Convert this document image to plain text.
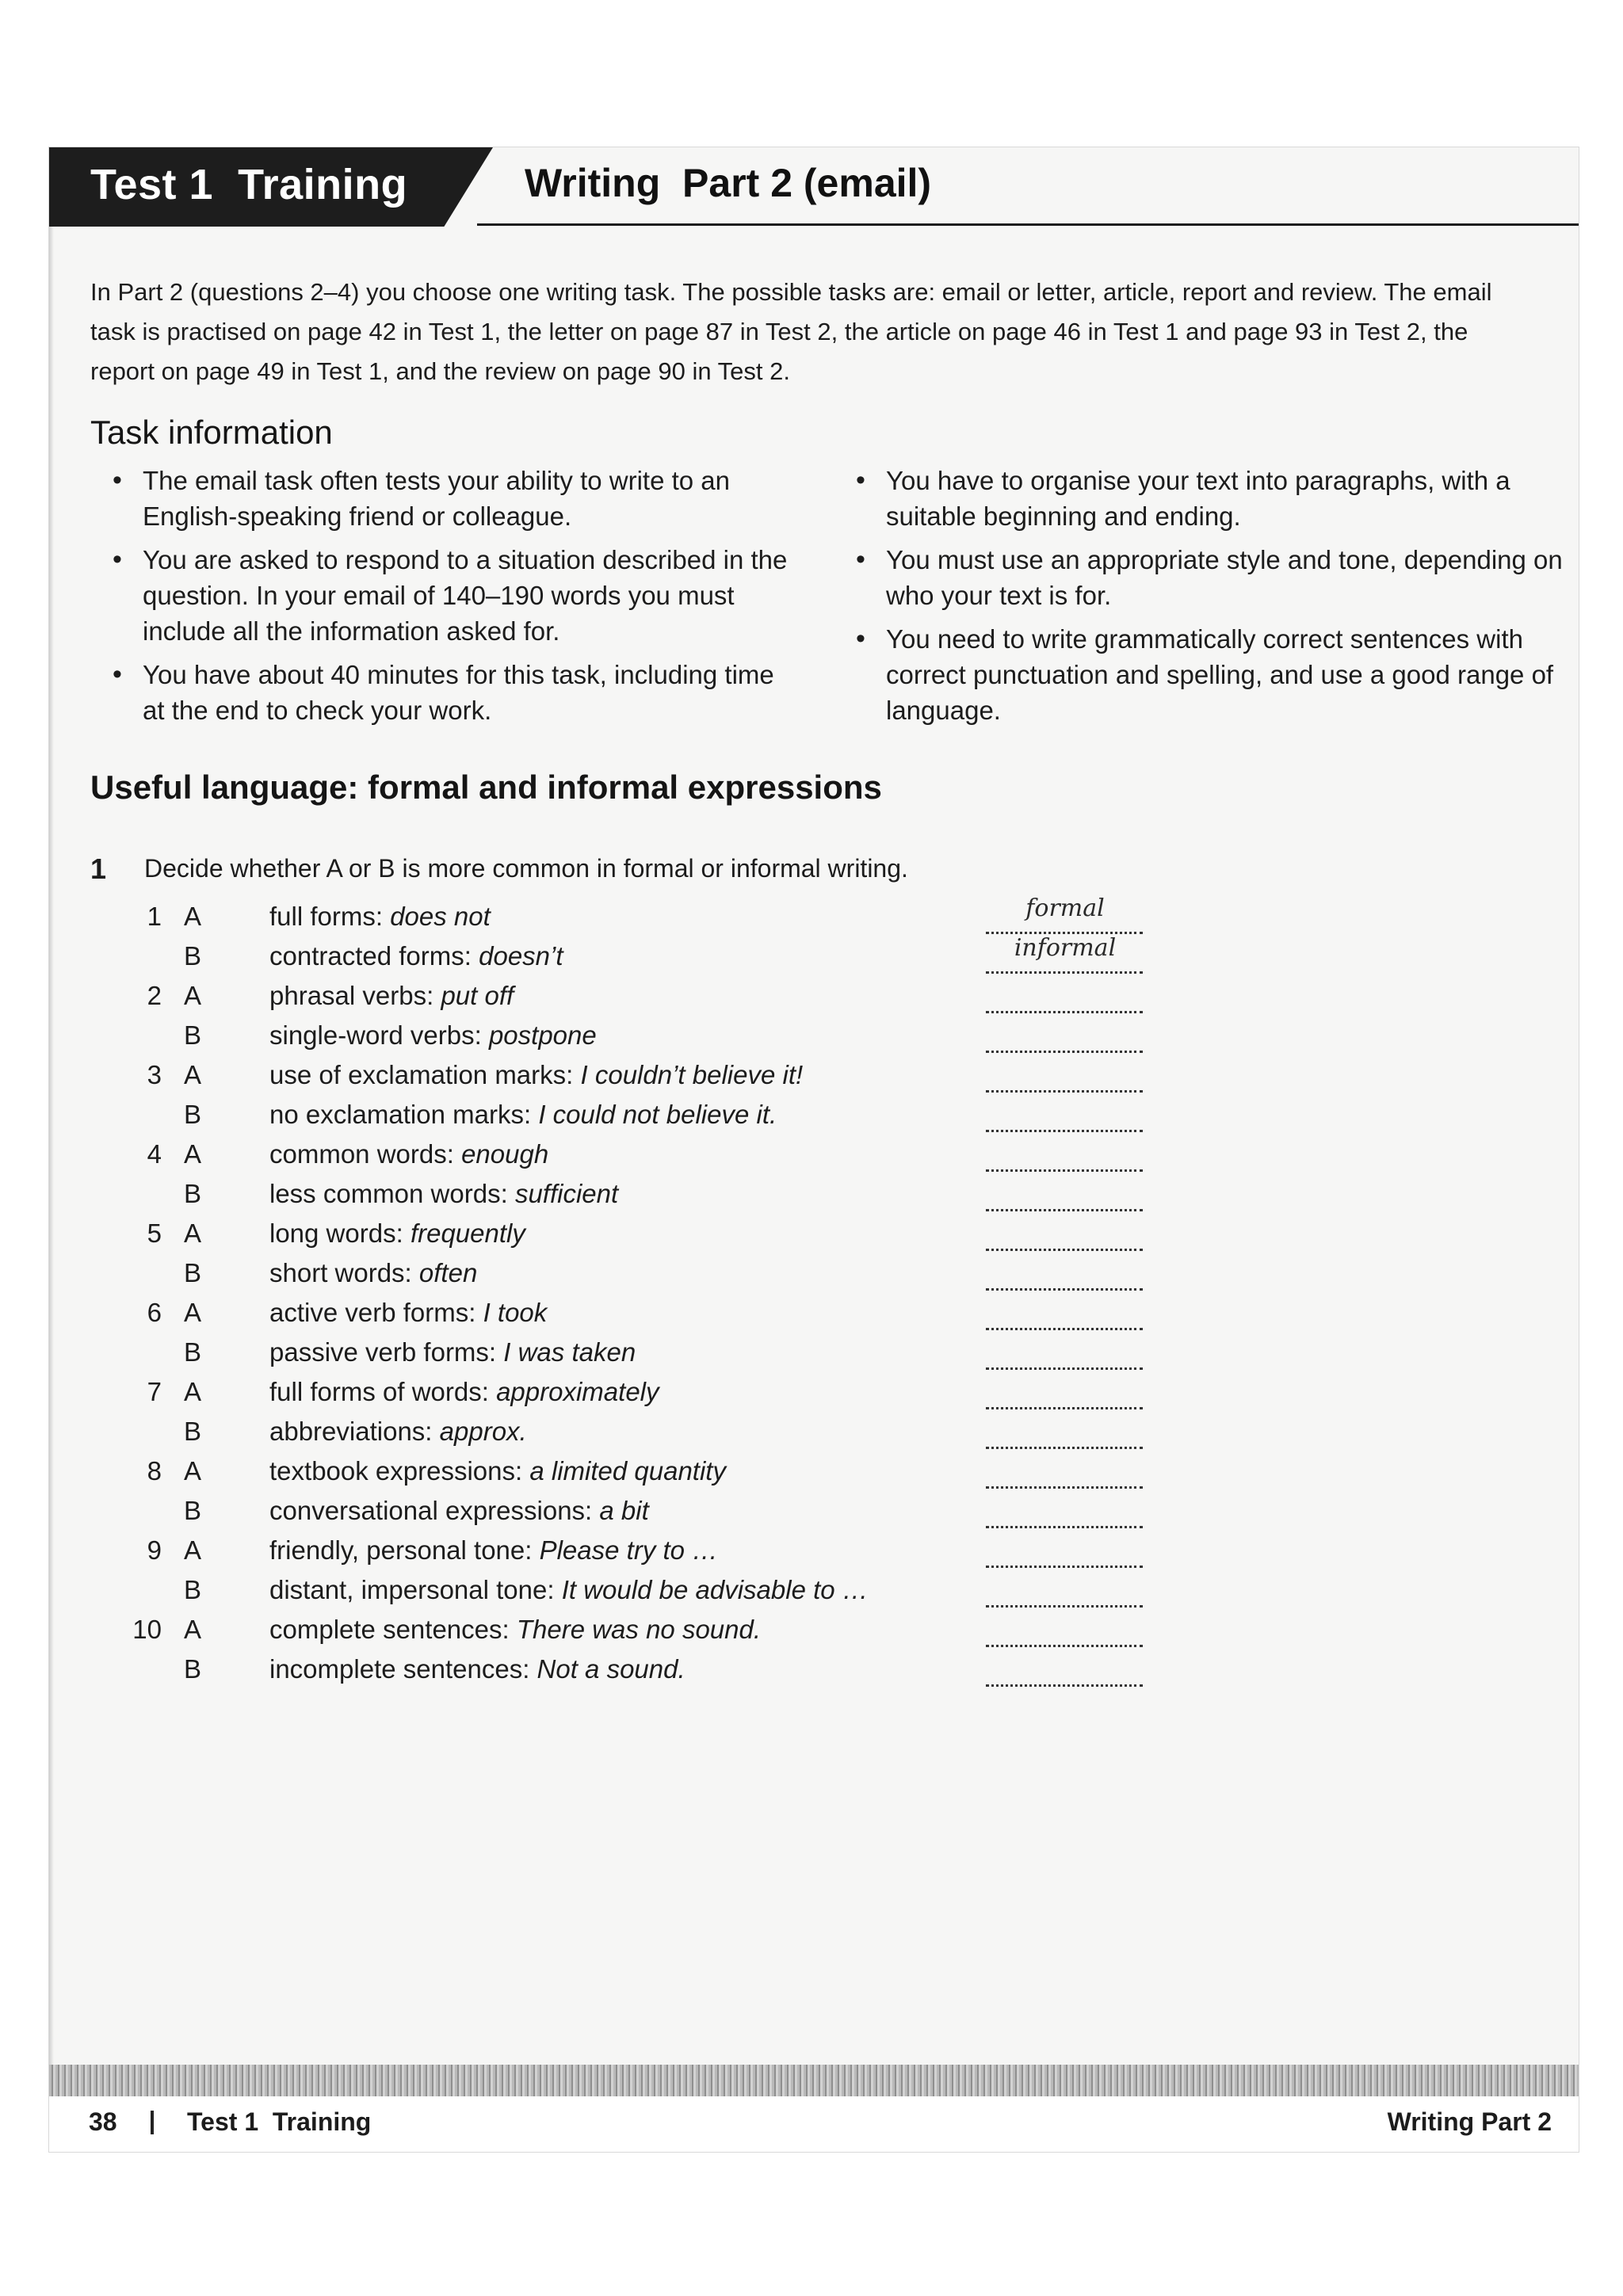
Test 1  Training	Writing  Part 2 (email)

In Part 2 (questions 2–4) you choose one writing task. The possible tasks are: email or letter, article, report and review. The email task is practised on page 42 in Test 1, the letter on page 87 in Test 2, the article on page 46 in Test 1 and page 93 in Test 2, the report on page 49 in Test 1, and the review on page 90 in Test 2.

Task information
• The email task often tests your ability to write to an English-speaking friend or colleague.
• You are asked to respond to a situation described in the question. In your email of 140–190 words you must include all the information asked for.
• You have about 40 minutes for this task, including time at the end to check your work.
• You have to organise your text into paragraphs, with a suitable beginning and ending.
• You must use an appropriate style and tone, depending on who your text is for.
• You need to write grammatically correct sentences with correct punctuation and spelling, and use a good range of language.
Useful language: formal and informal expressions
1 Decide whether A or B is more common in formal or informal writing.

1 A	full forms: does not	formal
B	contracted forms: doesn’t	informal
2 A	phrasal verbs: put off
B	single-word verbs: postpone
3 A	use of exclamation marks: I couldn’t believe it!
B	no exclamation marks: I could not believe it.
4 A	common words: enough
B	less common words: sufficient
5 A	long words: frequently
B	short words: often
6 A	active verb forms: I took
B	passive verb forms: I was taken
7 A	full forms of words: approximately
B	abbreviations: approx.
8 A	textbook expressions: a limited quantity
B	conversational expressions: a bit
9 A	friendly, personal tone: Please try to …
B	distant, impersonal tone: It would be advisable to …
10 A	complete sentences: There was no sound.
B	incomplete sentences: Not a sound.
38	Test 1  Training	Writing Part 2
